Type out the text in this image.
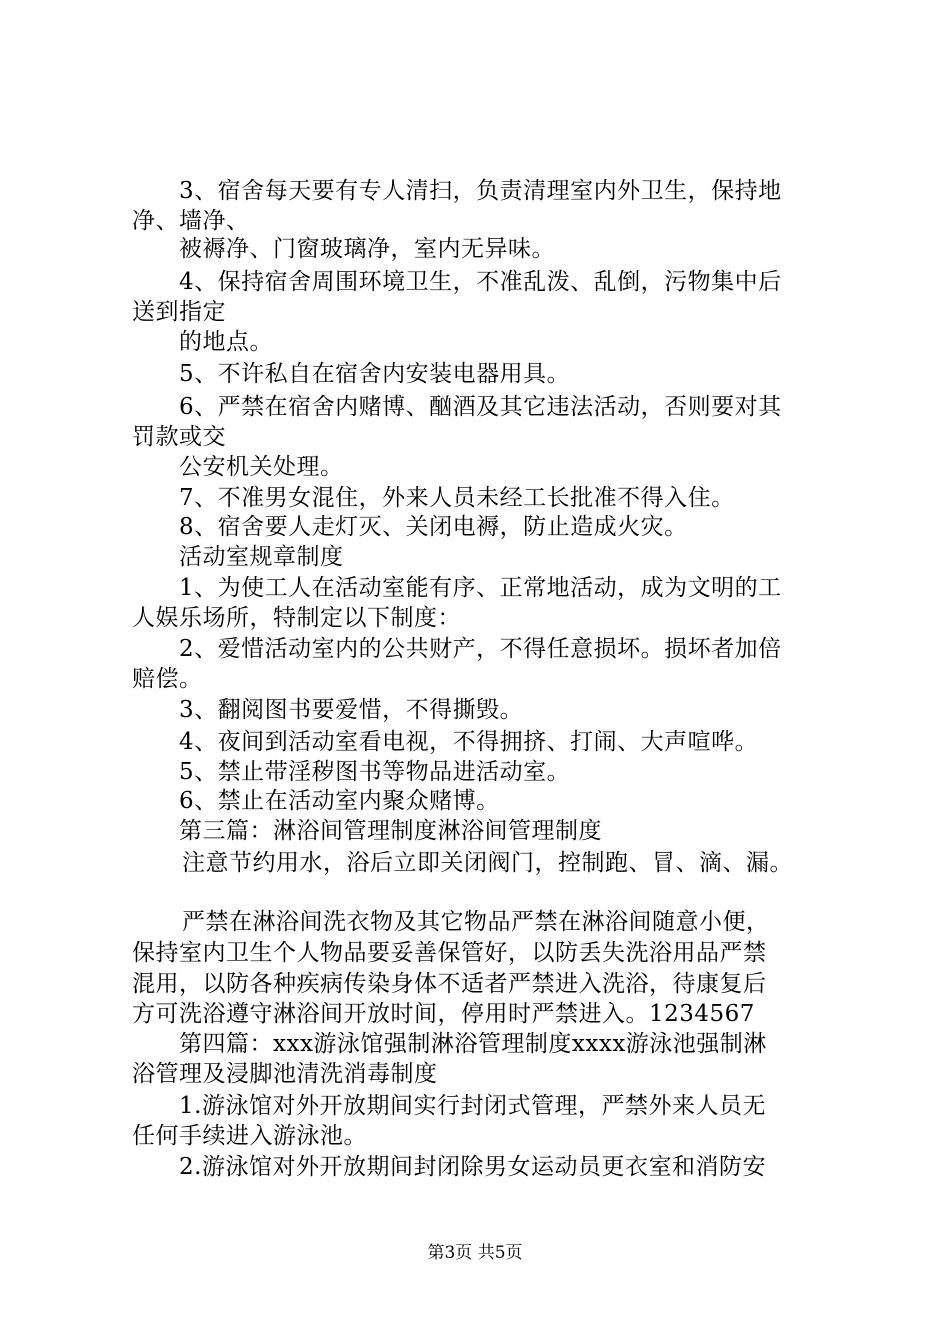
3、宿舍每天要有专人清扫，负责清理室内外卫生，保持地
净、墙净、
被褥净、门窗玻璃净，室内无异味。
4、保持宿舍周围环境卫生，不准乱泼、乱倒，污物集中后
送到指定
的地点。
5、不许私自在宿舍内安装电器用具。
6、严禁在宿舍内赌博、酗酒及其它违法活动，否则要对其
罚款或交
公安机关处理。
7、不准男女混住，外来人员未经工长批准不得入住。
8、宿舍要人走灯灭、关闭电褥，防止造成火灾。
活动室规章制度
1、为使工人在活动室能有序、正常地活动，成为文明的工
人娱乐场所，特制定以下制度：
2、爱惜活动室内的公共财产，不得任意损坏。损坏者加倍
赔偿。
3、翻阅图书要爱惜，不得撕毁。
4、夜间到活动室看电视，不得拥挤、打闹、大声喧哗。
5、禁止带淫秽图书等物品进活动室。
6、禁止在活动室内聚众赌博。
第三篇：淋浴间管理制度淋浴间管理制度
注意节约用水，浴后立即关闭阀门，控制跑、冒、滴、漏。
严禁在淋浴间洗衣物及其它物品严禁在淋浴间随意小便，
保持室内卫生个人物品要妥善保管好，以防丢失洗浴用品严禁
混用，以防各种疾病传染身体不适者严禁进入洗浴，待康复后
方可洗浴遵守淋浴间开放时间，停用时严禁进入。1234567
第四篇：xxx游泳馆强制淋浴管理制度xxxx游泳池强制淋
浴管理及浸脚池清洗消毒制度
1.游泳馆对外开放期间实行封闭式管理，严禁外来人员无
任何手续进入游泳池。
2.游泳馆对外开放期间封闭除男女运动员更衣室和消防安
第3页 共5页
